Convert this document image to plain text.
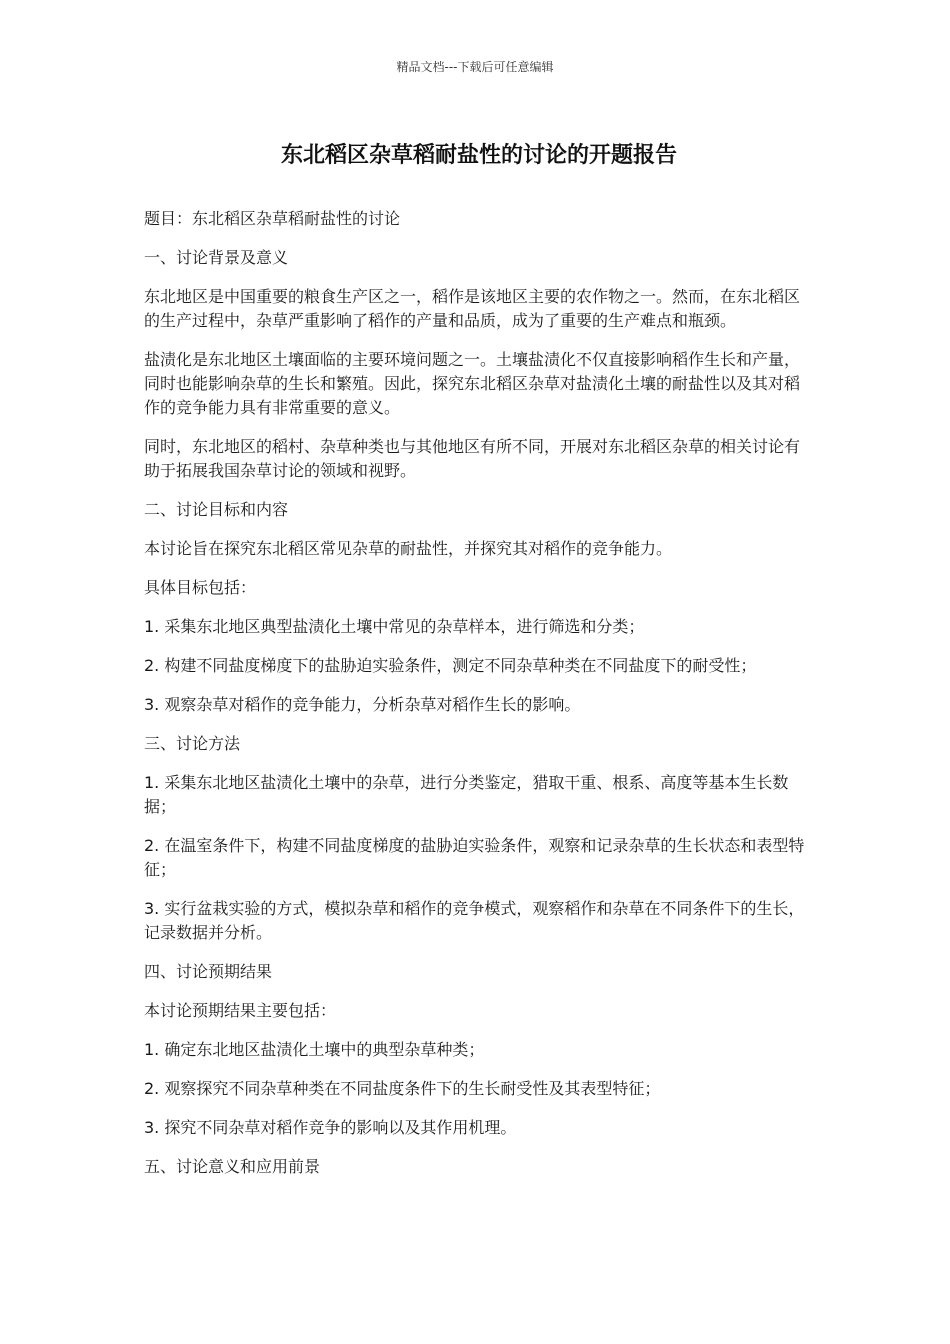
精品文档---下载后可任意编辑
东北稻区杂草稻耐盐性的讨论的开题报告

题目：东北稻区杂草稻耐盐性的讨论

一、讨论背景及意义

东北地区是中国重要的粮食生产区之一，稻作是该地区主要的农作物之一。然而，在东北稻区的生产过程中，杂草严重影响了稻作的产量和品质，成为了重要的生产难点和瓶颈。

盐渍化是东北地区土壤面临的主要环境问题之一。土壤盐渍化不仅直接影响稻作生长和产量，同时也能影响杂草的生长和繁殖。因此，探究东北稻区杂草对盐渍化土壤的耐盐性以及其对稻作的竞争能力具有非常重要的意义。

同时，东北地区的稻村、杂草种类也与其他地区有所不同，开展对东北稻区杂草的相关讨论有助于拓展我国杂草讨论的领域和视野。

二、讨论目标和内容

本讨论旨在探究东北稻区常见杂草的耐盐性，并探究其对稻作的竞争能力。

具体目标包括：

1. 采集东北地区典型盐渍化土壤中常见的杂草样本，进行筛选和分类；

2. 构建不同盐度梯度下的盐胁迫实验条件，测定不同杂草种类在不同盐度下的耐受性；

3. 观察杂草对稻作的竞争能力，分析杂草对稻作生长的影响。

三、讨论方法

1. 采集东北地区盐渍化土壤中的杂草，进行分类鉴定，猎取干重、根系、高度等基本生长数据；

2. 在温室条件下，构建不同盐度梯度的盐胁迫实验条件，观察和记录杂草的生长状态和表型特征；

3. 实行盆栽实验的方式，模拟杂草和稻作的竞争模式，观察稻作和杂草在不同条件下的生长，记录数据并分析。

四、讨论预期结果

本讨论预期结果主要包括：

1. 确定东北地区盐渍化土壤中的典型杂草种类；

2. 观察探究不同杂草种类在不同盐度条件下的生长耐受性及其表型特征；

3. 探究不同杂草对稻作竞争的影响以及其作用机理。

五、讨论意义和应用前景
